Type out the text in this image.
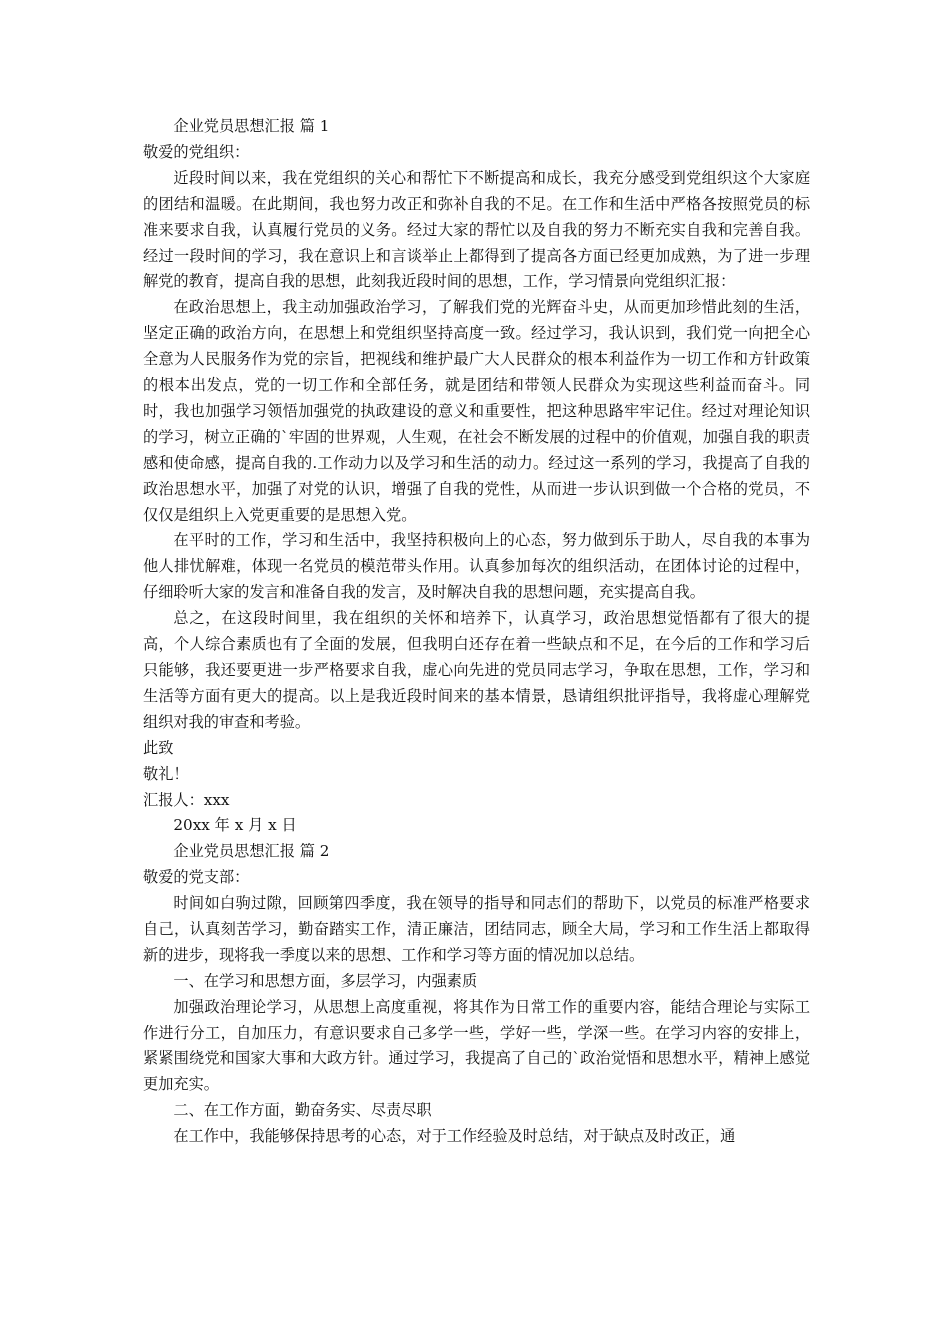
企业党员思想汇报 篇 1

敬爱的党组织：

近段时间以来，我在党组织的关心和帮忙下不断提高和成长，我充分感受到党组织这个大家庭的团结和温暖。在此期间，我也努力改正和弥补自我的不足。在工作和生活中严格各按照党员的标准来要求自我，认真履行党员的义务。经过大家的帮忙以及自我的努力不断充实自我和完善自我。经过一段时间的学习，我在意识上和言谈举止上都得到了提高各方面已经更加成熟，为了进一步理解党的教育，提高自我的思想，此刻我近段时间的思想，工作，学习情景向党组织汇报：

在政治思想上，我主动加强政治学习，了解我们党的光辉奋斗史，从而更加珍惜此刻的生活，坚定正确的政治方向，在思想上和党组织坚持高度一致。经过学习，我认识到，我们党一向把全心全意为人民服务作为党的宗旨，把视线和维护最广大人民群众的根本利益作为一切工作和方针政策的根本出发点，党的一切工作和全部任务，就是团结和带领人民群众为实现这些利益而奋斗。同时，我也加强学习领悟加强党的执政建设的意义和重要性，把这种思路牢牢记住。经过对理论知识的学习，树立正确的`牢固的世界观，人生观，在社会不断发展的过程中的价值观，加强自我的职责感和使命感，提高自我的.工作动力以及学习和生活的动力。经过这一系列的学习，我提高了自我的政治思想水平，加强了对党的认识，增强了自我的党性，从而进一步认识到做一个合格的党员，不仅仅是组织上入党更重要的是思想入党。

在平时的工作，学习和生活中，我坚持积极向上的心态，努力做到乐于助人，尽自我的本事为他人排忧解难，体现一名党员的模范带头作用。认真参加每次的组织活动，在团体讨论的过程中，仔细聆听大家的发言和准备自我的发言，及时解决自我的思想问题，充实提高自我。

总之，在这段时间里，我在组织的关怀和培养下，认真学习，政治思想觉悟都有了很大的提高，个人综合素质也有了全面的发展，但我明白还存在着一些缺点和不足，在今后的工作和学习后只能够，我还要更进一步严格要求自我，虚心向先进的党员同志学习，争取在思想，工作，学习和生活等方面有更大的提高。以上是我近段时间来的基本情景，恳请组织批评指导，我将虚心理解党组织对我的审查和考验。

此致

敬礼！

汇报人：xxx

20xx 年 x 月 x 日

企业党员思想汇报 篇 2

敬爱的党支部：

时间如白驹过隙，回顾第四季度，我在领导的指导和同志们的帮助下，以党员的标准严格要求自己，认真刻苦学习，勤奋踏实工作，清正廉洁，团结同志，顾全大局，学习和工作生活上都取得新的进步，现将我一季度以来的思想、工作和学习等方面的情况加以总结。

一、在学习和思想方面，多层学习，内强素质

加强政治理论学习，从思想上高度重视，将其作为日常工作的重要内容，能结合理论与实际工作进行分工，自加压力，有意识要求自己多学一些，学好一些，学深一些。在学习内容的安排上，紧紧围绕党和国家大事和大政方针。通过学习，我提高了自己的`政治觉悟和思想水平，精神上感觉更加充实。

二、在工作方面，勤奋务实、尽责尽职

在工作中，我能够保持思考的心态，对于工作经验及时总结，对于缺点及时改正，通
